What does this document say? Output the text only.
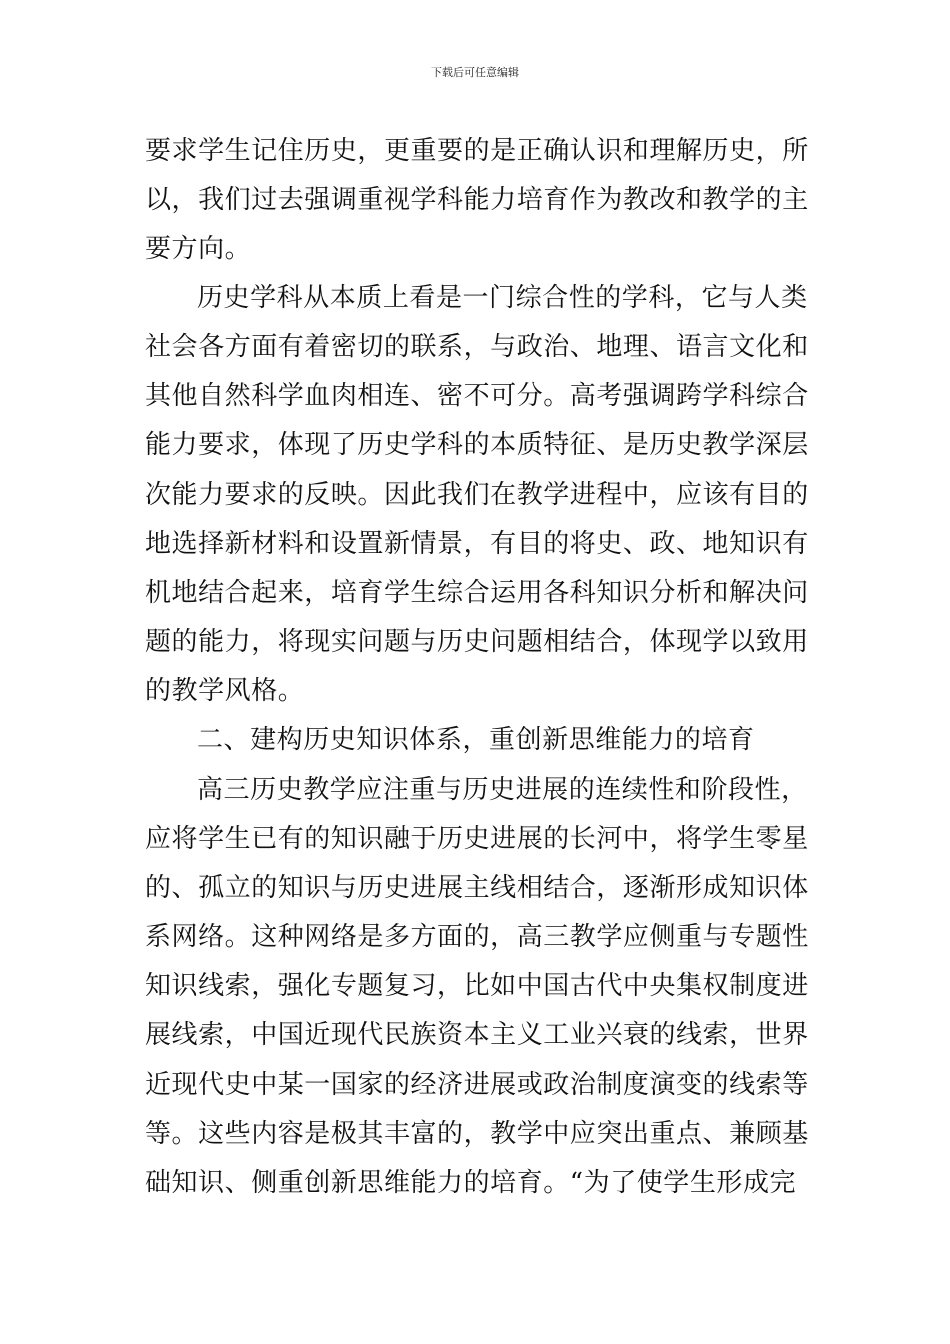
下载后可任意编辑
要求学生记住历史，更重要的是正确认识和理解历史，所
以，我们过去强调重视学科能力培育作为教改和教学的主
要方向。
历史学科从本质上看是一门综合性的学科，它与人类
社会各方面有着密切的联系，与政治、地理、语言文化和
其他自然科学血肉相连、密不可分。高考强调跨学科综合
能力要求，体现了历史学科的本质特征、是历史教学深层
次能力要求的反映。因此我们在教学进程中，应该有目的
地选择新材料和设置新情景，有目的将史、政、地知识有
机地结合起来，培育学生综合运用各科知识分析和解决问
题的能力，将现实问题与历史问题相结合，体现学以致用
的教学风格。
二、建构历史知识体系，重创新思维能力的培育
高三历史教学应注重与历史进展的连续性和阶段性，
应将学生已有的知识融于历史进展的长河中，将学生零星
的、孤立的知识与历史进展主线相结合，逐渐形成知识体
系网络。这种网络是多方面的，高三教学应侧重与专题性
知识线索，强化专题复习，比如中国古代中央集权制度进
展线索，中国近现代民族资本主义工业兴衰的线索，世界
近现代史中某一国家的经济进展或政治制度演变的线索等
等。这些内容是极其丰富的，教学中应突出重点、兼顾基
础知识、侧重创新思维能力的培育。“为了使学生形成完
